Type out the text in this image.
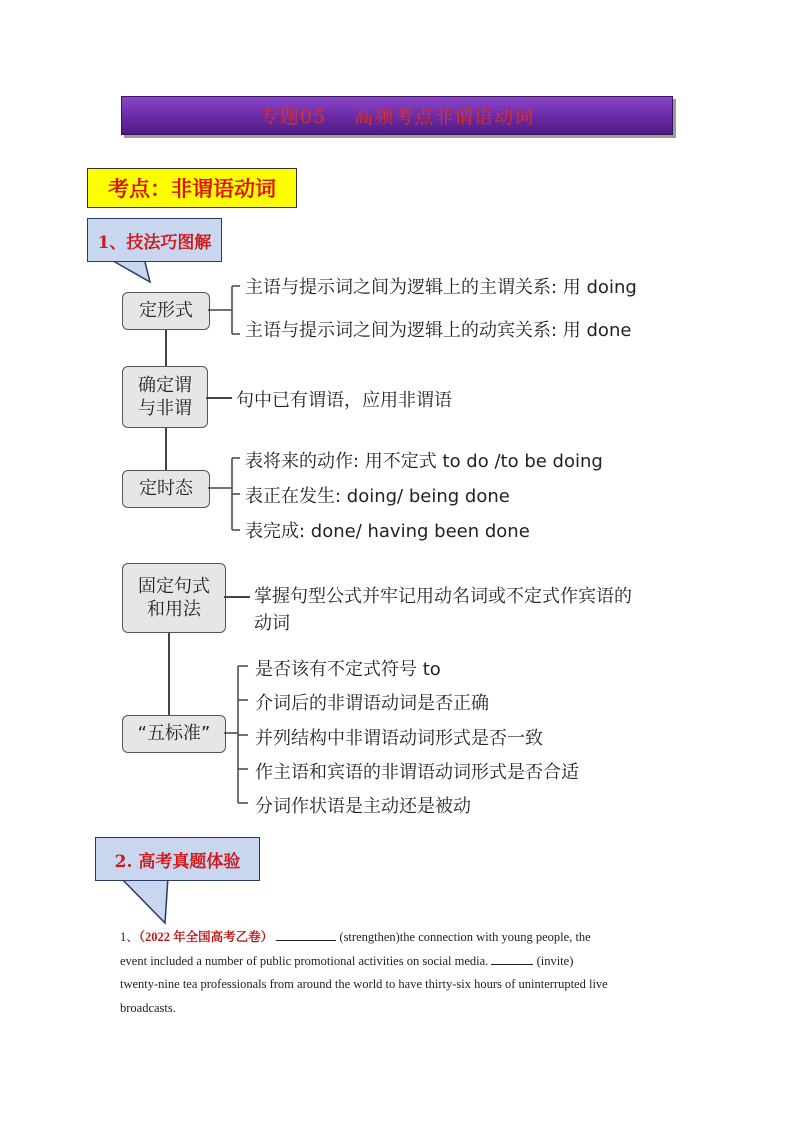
专题05 高频考点非谓语动词
考点：非谓语动词
1、技法巧图解
定形式
主语与提示词之间为逻辑上的主谓关系: 用 doing
主语与提示词之间为逻辑上的动宾关系: 用 done
确定谓
与非谓 句中已有谓语，应用非谓语
定时态
表将来的动作: 用不定式 to do /to be doing
表正在发生: doing/ being done
表完成: done/ having been done
固定句式
和用法
掌握句型公式并牢记用动名词或不定式作宾语的
动词
“五标准”
是否该有不定式符号 to
介词后的非谓语动词是否正确
并列结构中非谓语动词形式是否一致
作主语和宾语的非谓语动词形式是否合适
分词作状语是主动还是被动
2. 高考真题体验
1、（2022 年全国高考乙卷）	(strengthen)the connection with young people, the
event included a number of public promotional activities on social media.	(invite)
twenty-nine tea professionals from around the world to have thirty-six hours of uninterrupted live
broadcasts.
